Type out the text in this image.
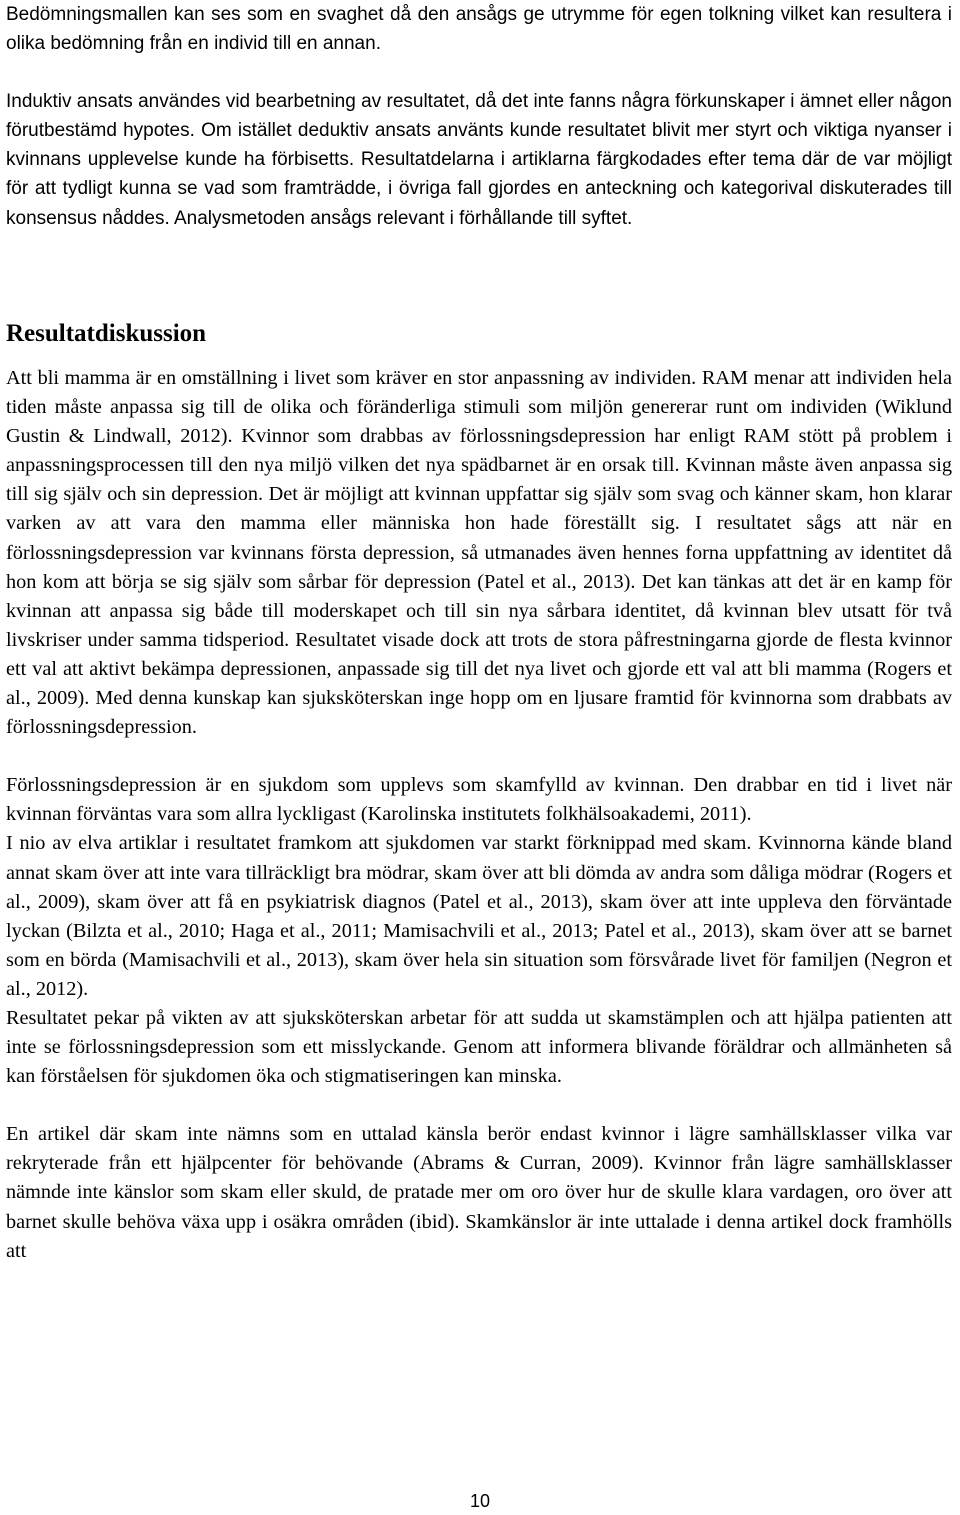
Bedömningsmallen kan ses som en svaghet då den ansågs ge utrymme för egen tolkning vilket kan resultera i olika bedömning från en individ till en annan.

Induktiv ansats användes vid bearbetning av resultatet, då det inte fanns några förkunskaper i ämnet eller någon förutbestämd hypotes. Om istället deduktiv ansats använts kunde resultatet blivit mer styrt och viktiga nyanser i kvinnans upplevelse kunde ha förbisetts. Resultatdelarna i artiklarna färgkodades efter tema där de var möjligt för att tydligt kunna se vad som framträdde, i övriga fall gjordes en anteckning och kategorival diskuterades till konsensus nåddes. Analysmetoden ansågs relevant i förhållande till syftet.

Resultatdiskussion

Att bli mamma är en omställning i livet som kräver en stor anpassning av individen. RAM menar att individen hela tiden måste anpassa sig till de olika och föränderliga stimuli som miljön genererar runt om individen (Wiklund Gustin & Lindwall, 2012). Kvinnor som drabbas av förlossningsdepression har enligt RAM stött på problem i anpassningsprocessen till den nya miljö vilken det nya spädbarnet är en orsak till. Kvinnan måste även anpassa sig till sig själv och sin depression. Det är möjligt att kvinnan uppfattar sig själv som svag och känner skam, hon klarar varken av att vara den mamma eller människa hon hade föreställt sig. I resultatet sågs att när en förlossningsdepression var kvinnans första depression, så utmanades även hennes forna uppfattning av identitet då hon kom att börja se sig själv som sårbar för depression (Patel et al., 2013). Det kan tänkas att det är en kamp för kvinnan att anpassa sig både till moderskapet och till sin nya sårbara identitet, då kvinnan blev utsatt för två livskriser under samma tidsperiod. Resultatet visade dock att trots de stora påfrestningarna gjorde de flesta kvinnor ett val att aktivt bekämpa depressionen, anpassade sig till det nya livet och gjorde ett val att bli mamma (Rogers et al., 2009). Med denna kunskap kan sjuksköterskan inge hopp om en ljusare framtid för kvinnorna som drabbats av förlossningsdepression.

Förlossningsdepression är en sjukdom som upplevs som skamfylld av kvinnan. Den drabbar en tid i livet när kvinnan förväntas vara som allra lyckligast (Karolinska institutets folkhälsoakademi, 2011).

I nio av elva artiklar i resultatet framkom att sjukdomen var starkt förknippad med skam. Kvinnorna kände bland annat skam över att inte vara tillräckligt bra mödrar, skam över att bli dömda av andra som dåliga mödrar (Rogers et al., 2009), skam över att få en psykiatrisk diagnos (Patel et al., 2013), skam över att inte uppleva den förväntade lyckan (Bilzta et al., 2010; Haga et al., 2011; Mamisachvili et al., 2013; Patel et al., 2013), skam över att se barnet som en börda (Mamisachvili et al., 2013), skam över hela sin situation som försvårade livet för familjen (Negron et al., 2012).

Resultatet pekar på vikten av att sjuksköterskan arbetar för att sudda ut skamstämplen och att hjälpa patienten att inte se förlossningsdepression som ett misslyckande. Genom att informera blivande föräldrar och allmänheten så kan förståelsen för sjukdomen öka och stigmatiseringen kan minska.

En artikel där skam inte nämns som en uttalad känsla berör endast kvinnor i lägre samhällsklasser vilka var rekryterade från ett hjälpcenter för behövande (Abrams & Curran, 2009). Kvinnor från lägre samhällsklasser nämnde inte känslor som skam eller skuld, de pratade mer om oro över hur de skulle klara vardagen, oro över att barnet skulle behöva växa upp i osäkra områden (ibid). Skamkänslor är inte uttalade i denna artikel dock framhölls att

10
